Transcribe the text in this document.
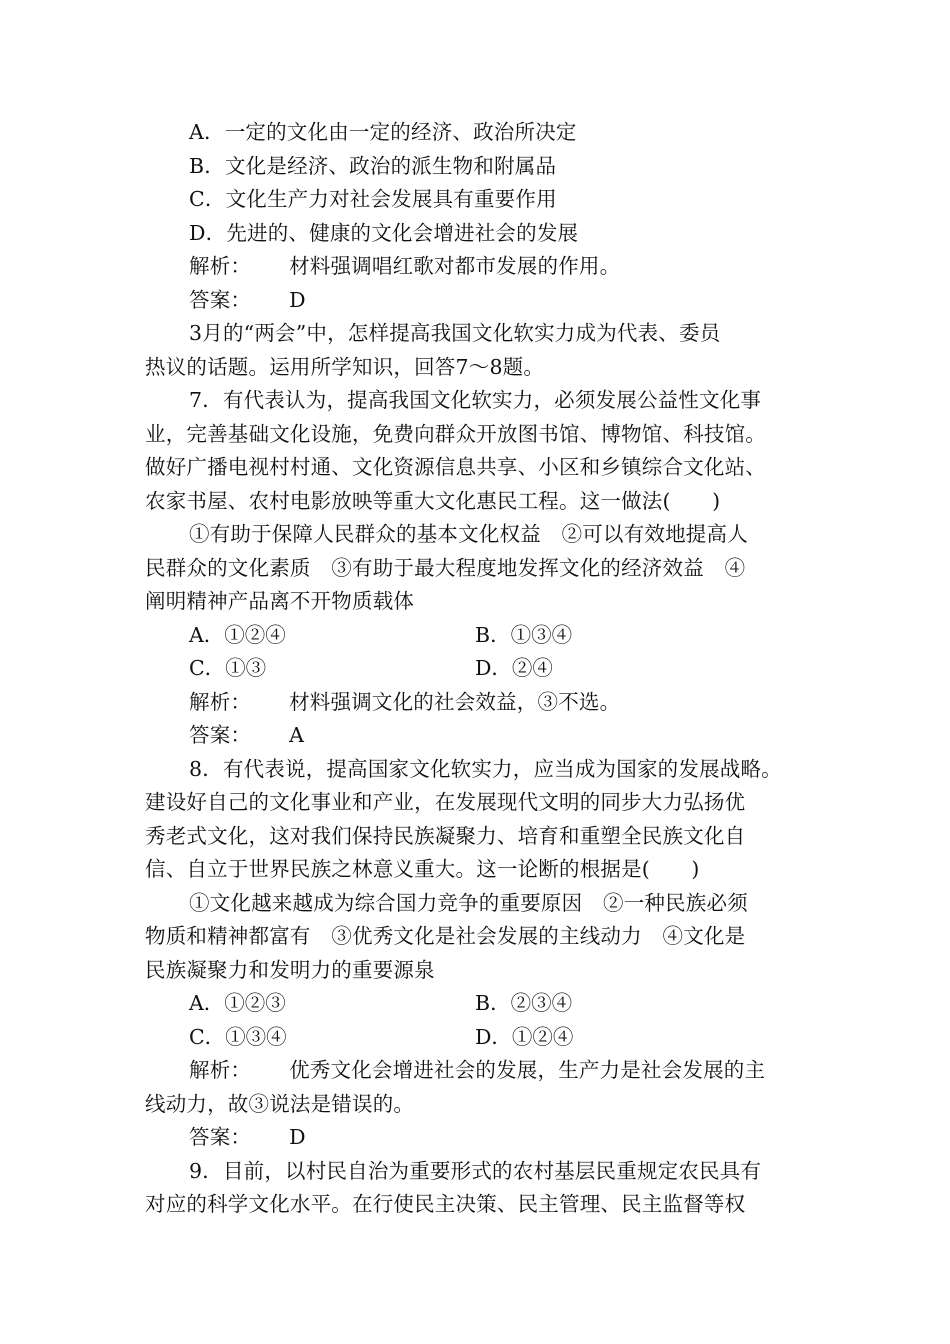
A．一定的文化由一定的经济、政治所决定
B．文化是经济、政治的派生物和附属品
C．文化生产力对社会发展具有重要作用
D．先进的、健康的文化会增进社会的发展
解析： 材料强调唱红歌对都市发展的作用。
答案： D
3月的“两会”中，怎样提高我国文化软实力成为代表、委员
热议的话题。运用所学知识，回答7～8题。
7．有代表认为，提高我国文化软实力，必须发展公益性文化事
业，完善基础文化设施，免费向群众开放图书馆、博物馆、科技馆。
做好广播电视村村通、文化资源信息共享、小区和乡镇综合文化站、
农家书屋、农村电影放映等重大文化惠民工程。这一做法(　　)
①有助于保障人民群众的基本文化权益　②可以有效地提高人
民群众的文化素质　③有助于最大程度地发挥文化的经济效益　④
阐明精神产品离不开物质载体
A．①②④	B．①③④
C．①③	D．②④
解析： 材料强调文化的社会效益，③不选。
答案： A
8．有代表说，提高国家文化软实力，应当成为国家的发展战略。
建设好自己的文化事业和产业，在发展现代文明的同步大力弘扬优
秀老式文化，这对我们保持民族凝聚力、培育和重塑全民族文化自
信、自立于世界民族之林意义重大。这一论断的根据是(　　)
①文化越来越成为综合国力竞争的重要原因　②一种民族必须
物质和精神都富有　③优秀文化是社会发展的主线动力　④文化是
民族凝聚力和发明力的重要源泉
A．①②③	B．②③④
C．①③④	D．①②④
解析： 优秀文化会增进社会的发展，生产力是社会发展的主
线动力，故③说法是错误的。
答案： D
9．目前，以村民自治为重要形式的农村基层民重规定农民具有
对应的科学文化水平。在行使民主决策、民主管理、民主监督等权
